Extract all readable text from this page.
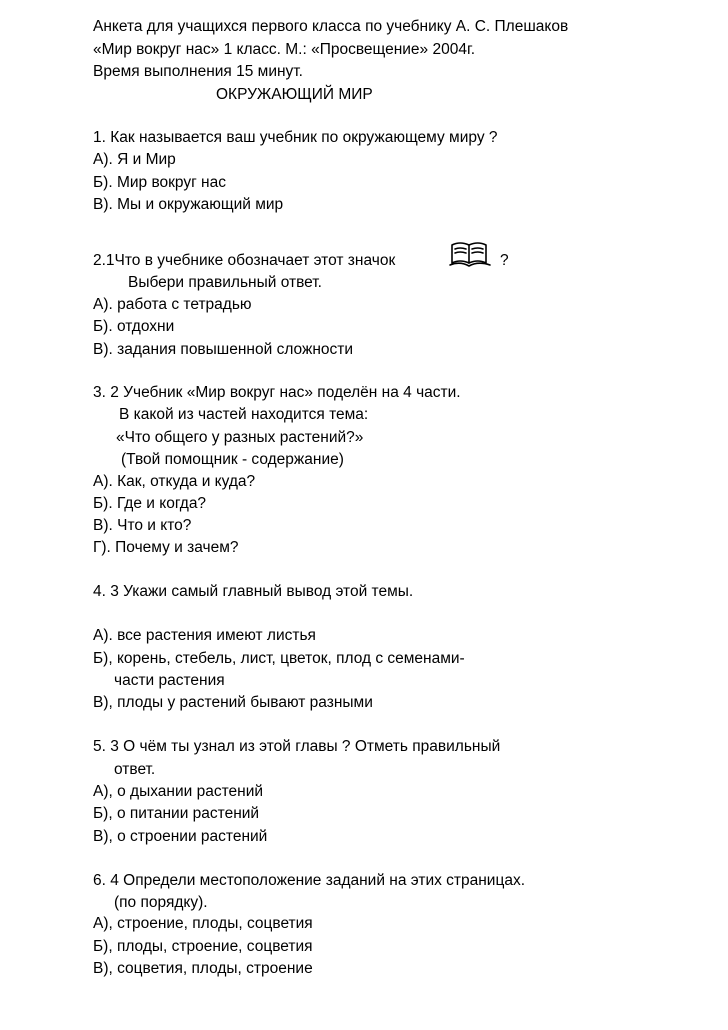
Анкета для учащихся первого класса по учебнику А. С. Плешаков
«Мир вокруг нас» 1 класс. М.: «Просвещение» 2004г.
Время выполнения 15 минут.
ОКРУЖАЮЩИЙ МИР
1. Как называется ваш учебник по окружающему миру ?
А). Я и Мир
Б). Мир вокруг нас
В). Мы и окружающий мир
2.1Что в учебнике обозначает этот значок	?
Выбери правильный ответ.
А). работа с тетрадью
Б). отдохни
В). задания повышенной сложности
3. 2 Учебник «Мир вокруг нас» поделён на 4 части.
В какой из частей находится тема:
«Что общего у разных растений?»
(Твой помощник - содержание)
А). Как, откуда и куда?
Б). Где и когда?
В). Что и кто?
Г). Почему и зачем?
4. 3 Укажи самый главный вывод этой темы.
А). все растения имеют листья
Б), корень, стебель, лист, цветок, плод с семенами-
части растения
В), плоды у растений бывают разными
5. 3 О чём ты узнал из этой главы ? Отметь правильный
ответ.
А), о дыхании растений
Б), о питании растений
В), о строении растений
6. 4 Определи местоположение заданий на этих страницах.
(по порядку).
А), строение, плоды, соцветия
Б), плоды, строение, соцветия
В), соцветия, плоды, строение
